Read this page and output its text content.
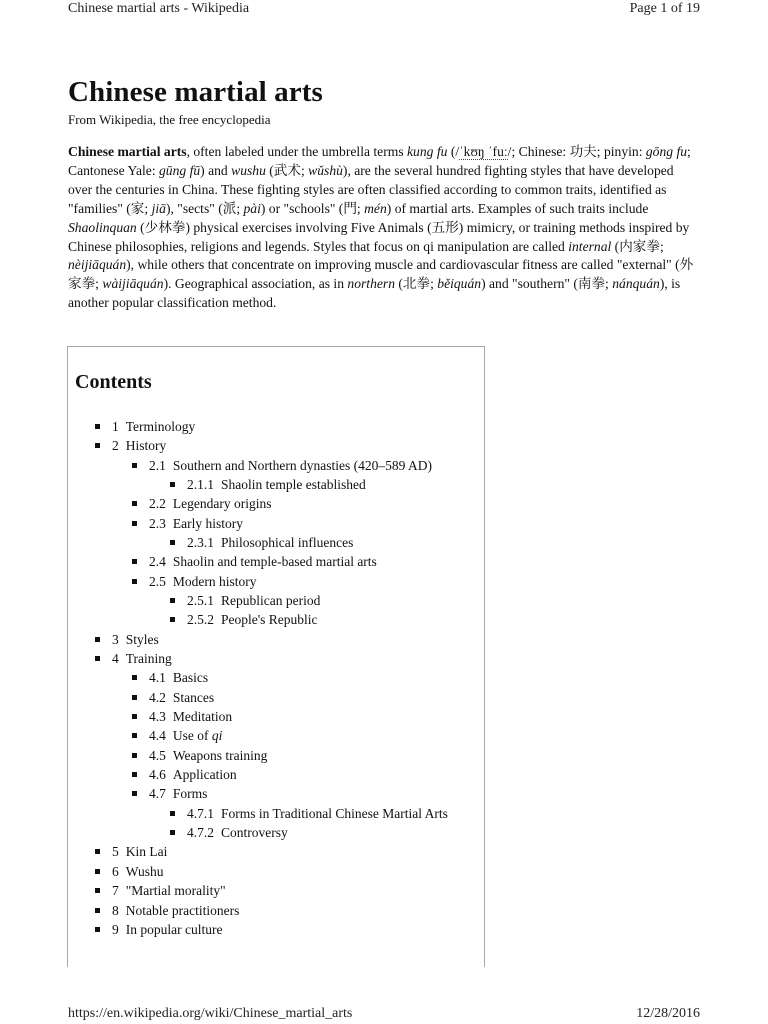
Chinese martial arts - Wikipedia	Page 1 of 19
Chinese martial arts
From Wikipedia, the free encyclopedia

Chinese martial arts, often labeled under the umbrella terms kung fu (/ˈkʊŋ ˈfuː/; Chinese: 功夫; pinyin: gōng fu; Cantonese Yale: gūng fū) and wushu (武术; wǔshù), are the several hundred fighting styles that have developed over the centuries in China. These fighting styles are often classified according to common traits, identified as "families" (家; jiā), "sects" (派; pài) or "schools" (門; mén) of martial arts. Examples of such traits include Shaolinquan (少林拳) physical exercises involving Five Animals (五形) mimicry, or training methods inspired by Chinese philosophies, religions and legends. Styles that focus on qi manipulation are called internal (内家拳; nèijiāquán), while others that concentrate on improving muscle and cardiovascular fitness are called "external" (外家拳; wàijiāquán). Geographical association, as in northern (北拳; běiquán) and "southern" (南拳; nánquán), is another popular classification method.

Contents
1 Terminology
2 History
2.1 Southern and Northern dynasties (420–589 AD)
2.1.1 Shaolin temple established
2.2 Legendary origins
2.3 Early history
2.3.1 Philosophical influences
2.4 Shaolin and temple-based martial arts
2.5 Modern history
2.5.1 Republican period
2.5.2 People's Republic
3 Styles
4 Training
4.1 Basics
4.2 Stances
4.3 Meditation
4.4 Use of qi
4.5 Weapons training
4.6 Application
4.7 Forms
4.7.1 Forms in Traditional Chinese Martial Arts
4.7.2 Controversy
5 Kin Lai
6 Wushu
7 "Martial morality"
8 Notable practitioners
9 In popular culture
https://en.wikipedia.org/wiki/Chinese_martial_arts	12/28/2016
